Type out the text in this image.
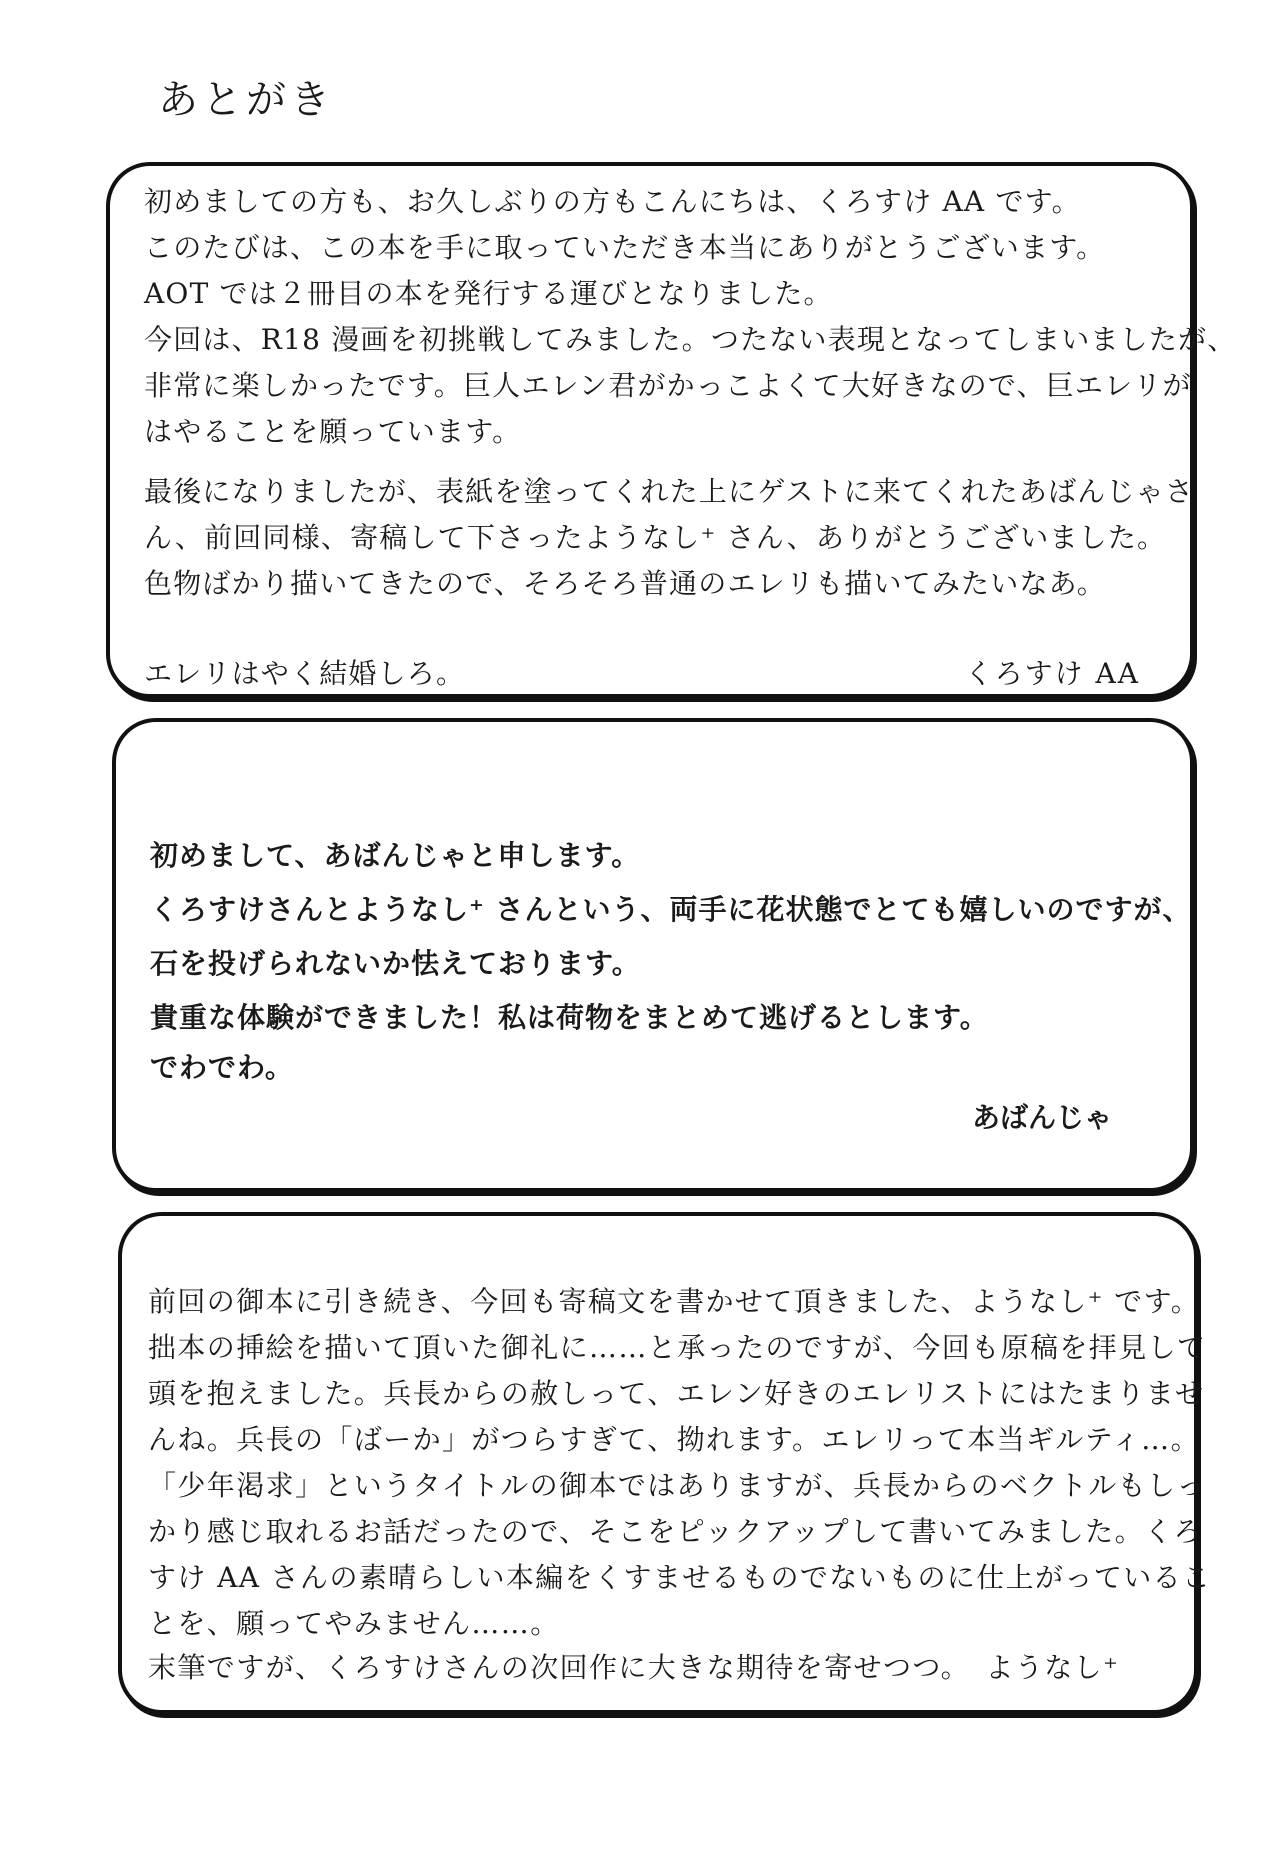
あとがき
初めましての方も、お久しぶりの方もこんにちは、くろすけ AA です。
このたびは、この本を手に取っていただき本当にありがとうございます。
AOT では２冊目の本を発行する運びとなりました。
今回は、R18 漫画を初挑戦してみました。つたない表現となってしまいましたが、
非常に楽しかったです。巨人エレン君がかっこよくて大好きなので、巨エレリが
はやることを願っています。
最後になりましたが、表紙を塗ってくれた上にゲストに来てくれたあばんじゃさ
ん、前回同様、寄稿して下さったようなし⁺ さん、ありがとうございました。
色物ばかり描いてきたので、そろそろ普通のエレリも描いてみたいなあ。
エレリはやく結婚しろ。	くろすけ AA
初めまして、あばんじゃと申します。
くろすけさんとようなし⁺ さんという、両手に花状態でとても嬉しいのですが、
石を投げられないか怯えております。
貴重な体験ができました！私は荷物をまとめて逃げるとします。
でわでわ。
あばんじゃ
前回の御本に引き続き、今回も寄稿文を書かせて頂きました、ようなし⁺ です。
拙本の挿絵を描いて頂いた御礼に……と承ったのですが、今回も原稿を拝見して
頭を抱えました。兵長からの赦しって、エレン好きのエレリストにはたまりませ
んね。兵長の「ばーか」がつらすぎて、拗れます。エレリって本当ギルティ…。
「少年渇求」というタイトルの御本ではありますが、兵長からのベクトルもしっ
かり感じ取れるお話だったので、そこをピックアップして書いてみました。くろ
すけ AA さんの素晴らしい本編をくすませるものでないものに仕上がっているこ
とを、願ってやみません……。
末筆ですが、くろすけさんの次回作に大きな期待を寄せつつ。　ようなし⁺
